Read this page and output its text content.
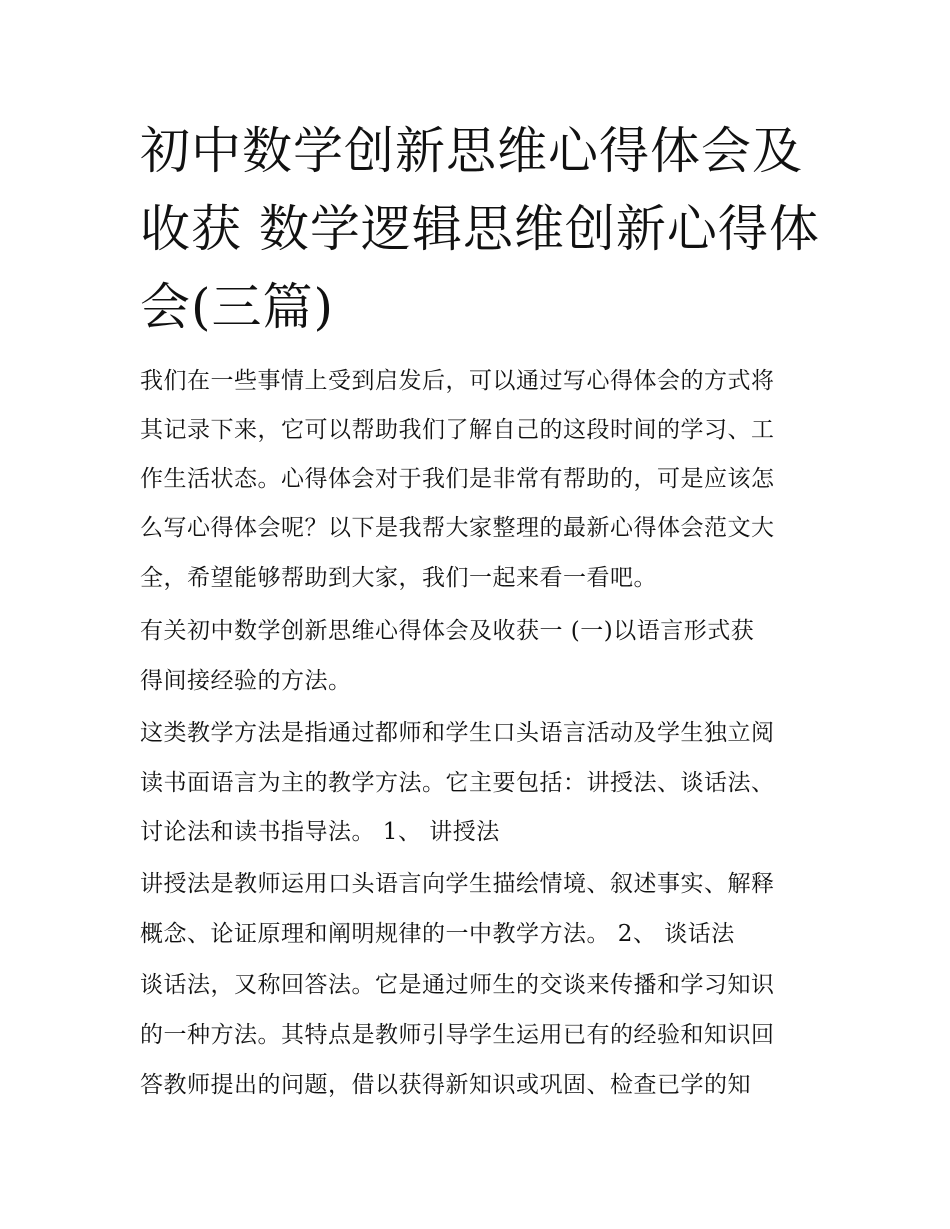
初中数学创新思维心得体会及
收获 数学逻辑思维创新心得体
会(三篇)

我们在一些事情上受到启发后，可以通过写心得体会的方式将

其记录下来，它可以帮助我们了解自己的这段时间的学习、工

作生活状态。心得体会对于我们是非常有帮助的，可是应该怎

么写心得体会呢？以下是我帮大家整理的最新心得体会范文大

全，希望能够帮助到大家，我们一起来看一看吧。

有关初中数学创新思维心得体会及收获一 (一)以语言形式获

得间接经验的方法。

这类教学方法是指通过都师和学生口头语言活动及学生独立阅

读书面语言为主的教学方法。它主要包括：讲授法、谈话法、

讨论法和读书指导法。 1、 讲授法

讲授法是教师运用口头语言向学生描绘情境、叙述事实、解释

概念、论证原理和阐明规律的一中教学方法。 2、 谈话法

谈话法，又称回答法。它是通过师生的交谈来传播和学习知识

的一种方法。其特点是教师引导学生运用已有的经验和知识回

答教师提出的问题，借以获得新知识或巩固、检查已学的知
